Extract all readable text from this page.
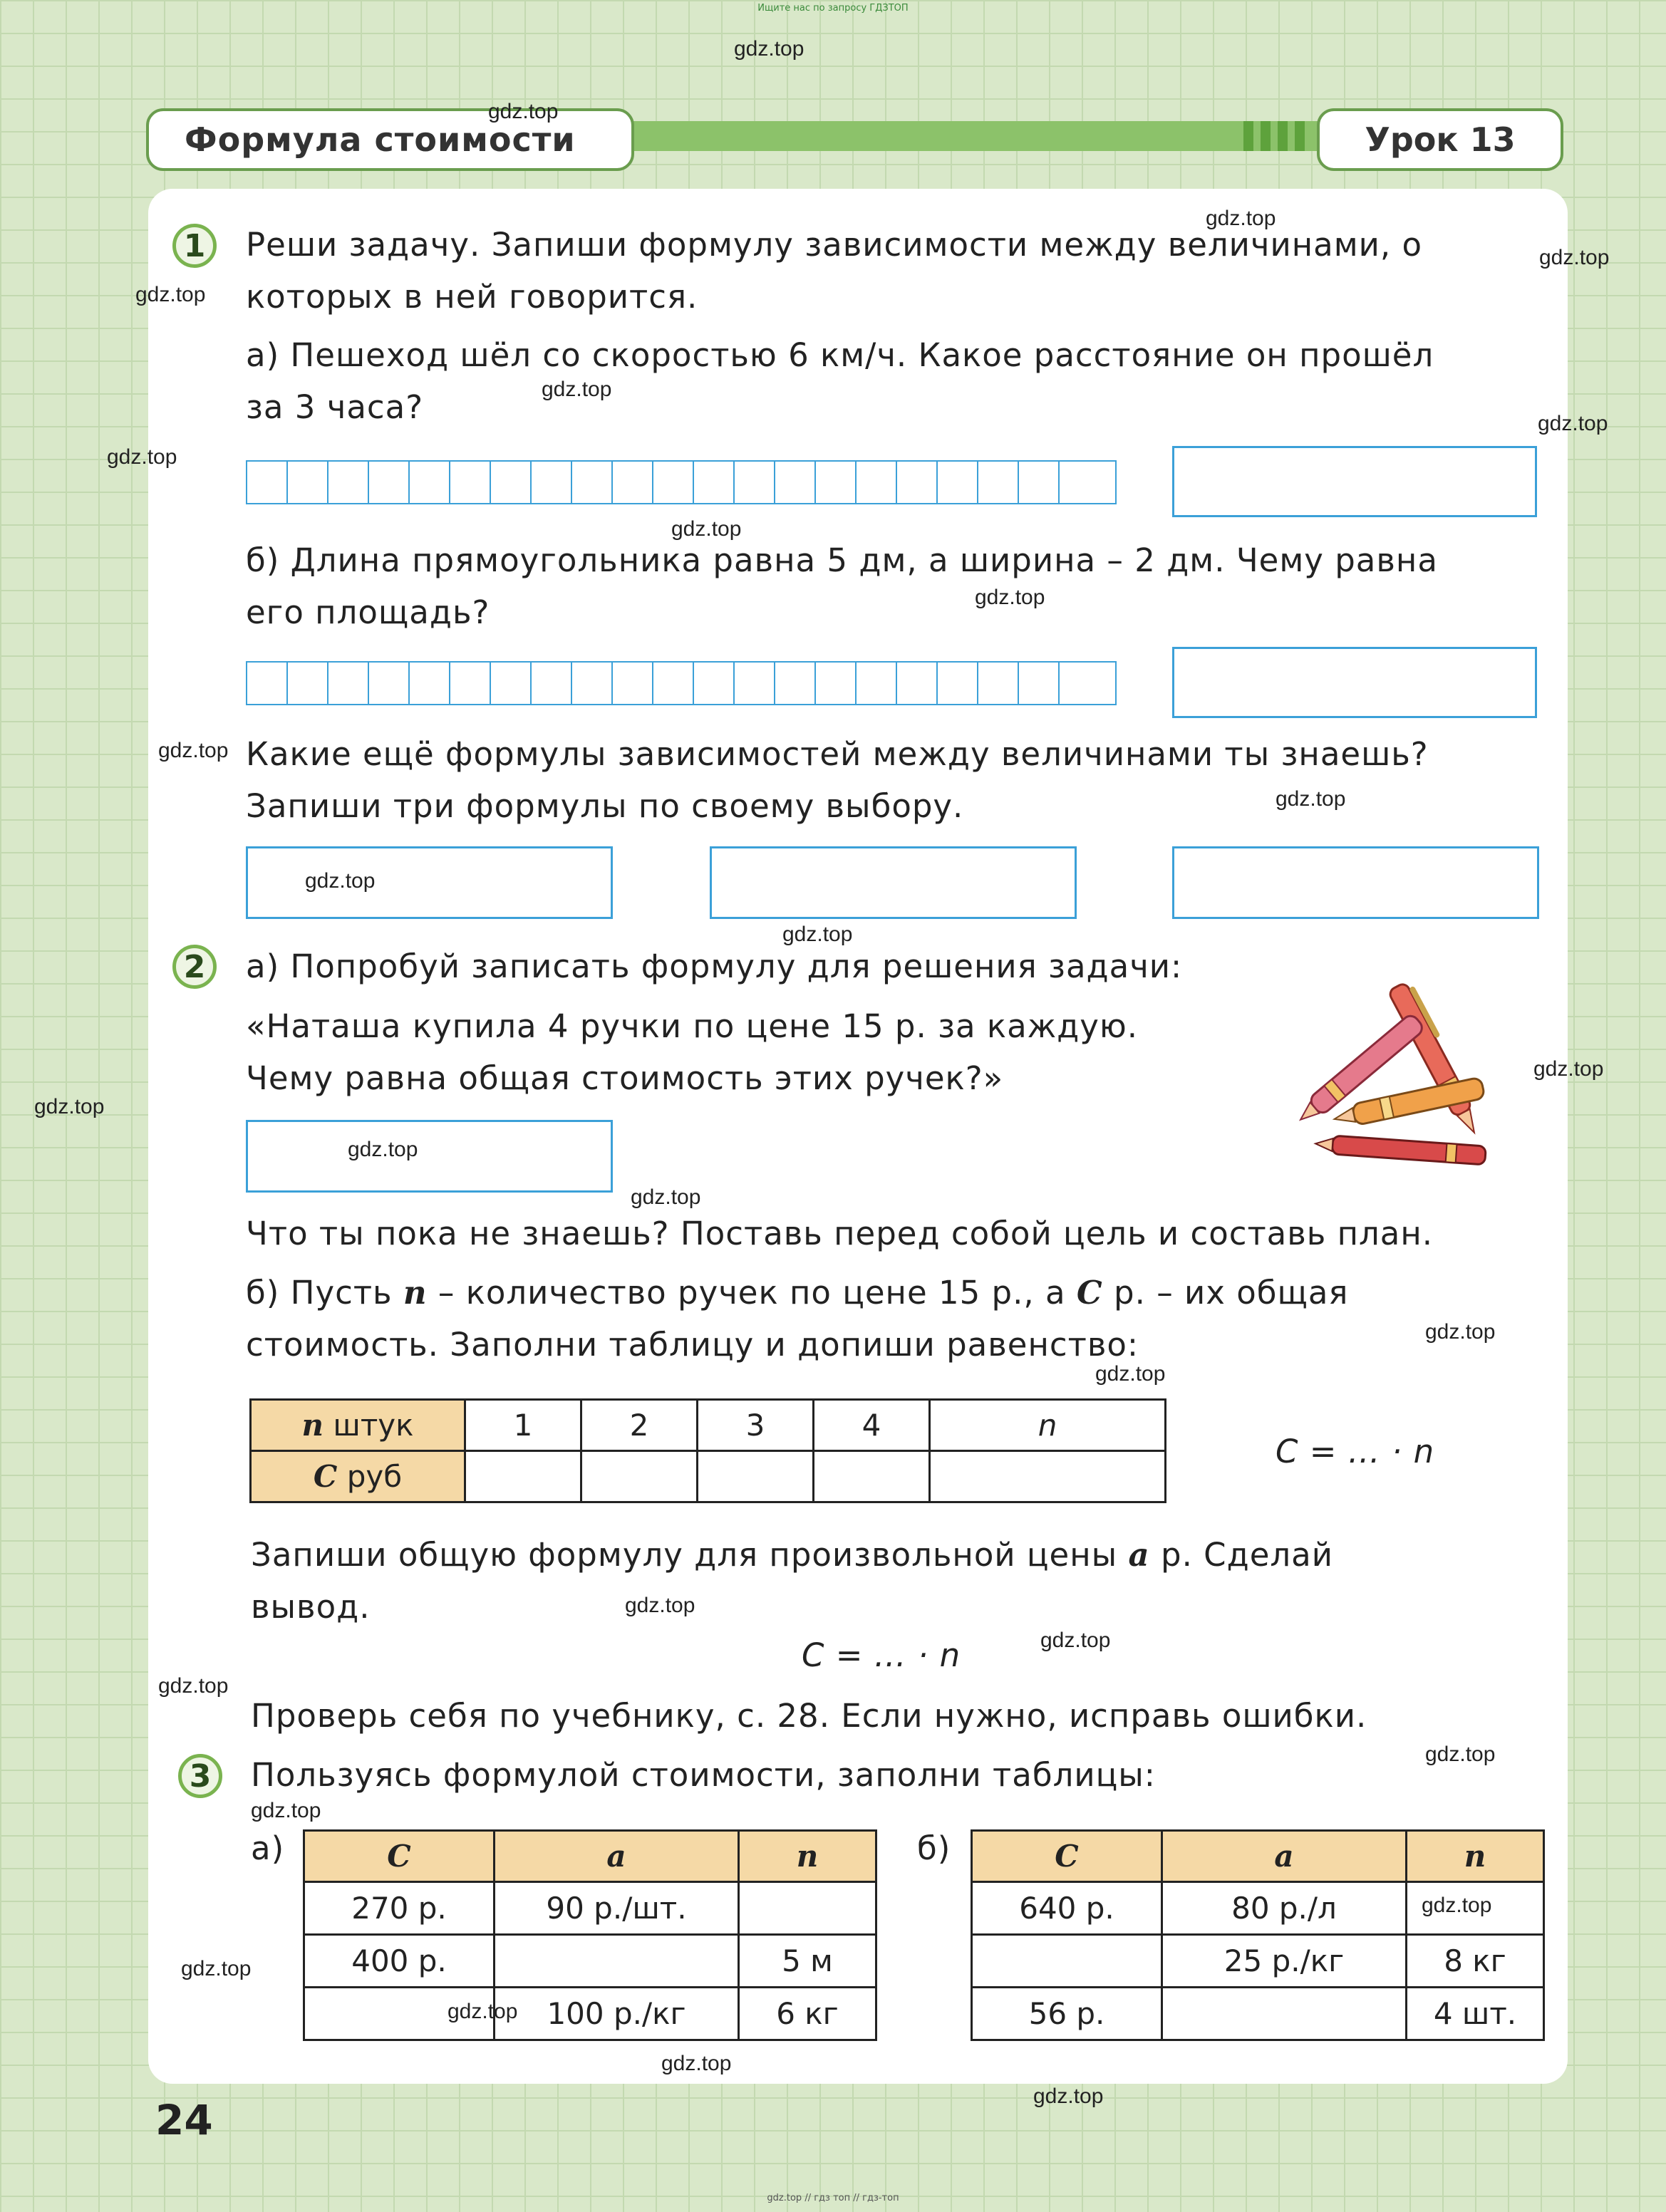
Ищите нас по запросу ГДЗТОП
Формула стоимости	Урок 13
1	Реши задачу. Запиши формулу зависимости между величинами, о
которых в ней говорится.
а) Пешеход шёл со скоростью 6 км/ч. Какое расстояние он прошёл
за 3 часа?
б) Длина прямоугольника равна 5 дм, а ширина – 2 дм. Чему равна
его площадь?
Какие ещё формулы зависимостей между величинами ты знаешь?
Запиши три формулы по своему выбору.
2	а) Попробуй записать формулу для решения задачи:
«Наташа купила 4 ручки по цене 15 р. за каждую.
Чему равна общая стоимость этих ручек?»
Что ты пока не знаешь? Поставь перед собой цель и составь план.
б) Пусть n – количество ручек по цене 15 р., а C р. – их общая
стоимость. Заполни таблицу и допиши равенство:
n штук	1	2	3	4	n
C руб					
C = … · n
Запиши общую формулу для произвольной цены a р. Сделай
вывод.
C = … · n
Проверь себя по учебнику, с. 28. Если нужно, исправь ошибки.
3	Пользуясь формулой стоимости, заполни таблицы:
а)	б)
C	a	n
270 р.	90 р./шт.	
400 р.		5 м
	100 р./кг	6 кг
C	a	n
640 р.	80 р./л	
	25 р./кг	8 кг
56 р.		4 шт.
24
gdz.top // гдз топ // гдз-топ
gdz.top
gdz.top
gdz.top
gdz.top
gdz.top
gdz.top
gdz.top
gdz.top
gdz.top
gdz.top
gdz.top
gdz.top
gdz.top
gdz.top
gdz.top
gdz.top
gdz.top
gdz.top
gdz.top
gdz.top
gdz.top
gdz.top
gdz.top
gdz.top
gdz.top
gdz.top
gdz.top
gdz.top
gdz.top
gdz.top
